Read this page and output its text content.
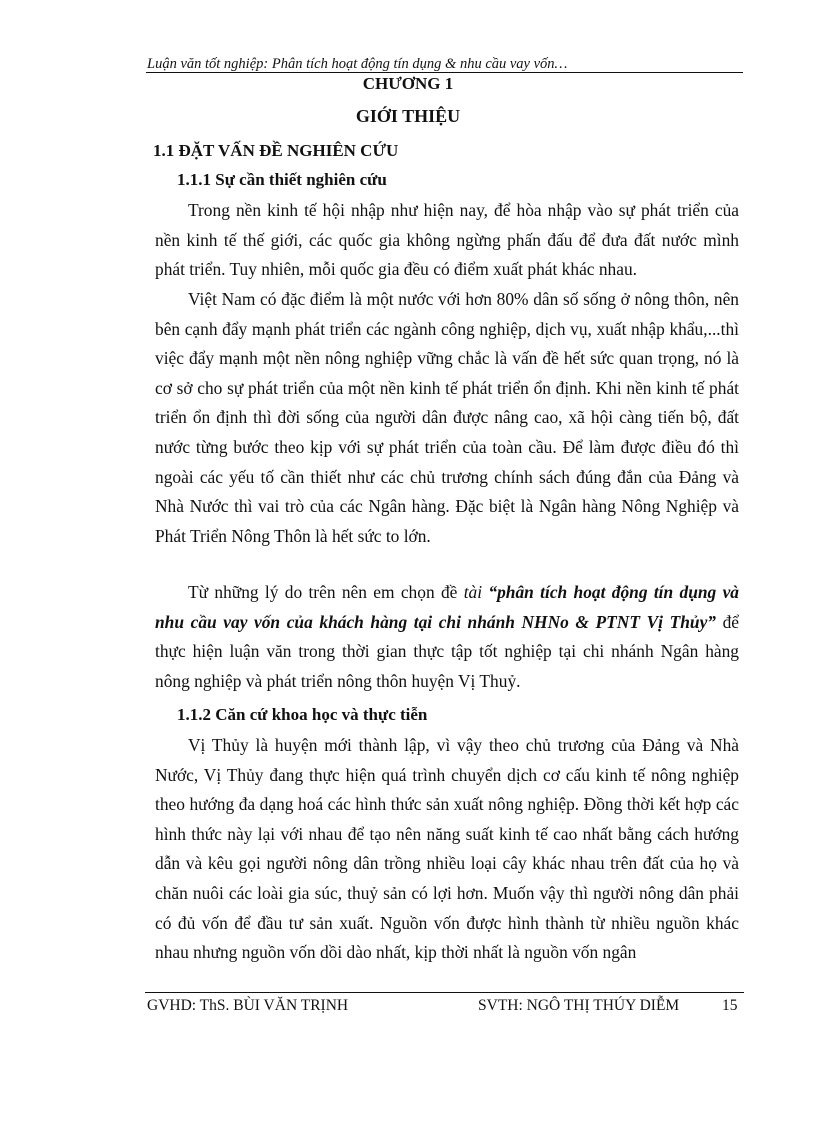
Luận văn tốt nghiệp: Phân tích hoạt động tín dụng & nhu cầu vay vốn…
CHƯƠNG 1
GIỚI THIỆU
1.1 ĐẶT VẤN ĐỀ NGHIÊN CỨU
1.1.1 Sự cần thiết nghiên cứu

Trong nền kinh tế hội nhập như hiện nay, để hòa nhập vào sự phát triển của nền kinh tế thế giới, các quốc gia không ngừng phấn đấu để đưa đất nước mình phát triển. Tuy nhiên, mỗi quốc gia đều có điểm xuất phát khác nhau.

Việt Nam có đặc điểm là một nước với hơn 80% dân số sống ở nông thôn, nên bên cạnh đẩy mạnh phát triển các ngành công nghiệp, dịch vụ, xuất nhập khẩu,...thì việc đẩy mạnh một nền nông nghiệp vững chắc là vấn đề hết sức quan trọng, nó là cơ sở cho sự phát triển của một nền kinh tế phát triển ổn định. Khi nền kinh tế phát triển ổn định thì đời sống của người dân được nâng cao, xã hội càng tiến bộ, đất nước từng bước theo kịp với sự phát triển của toàn cầu. Để làm được điều đó thì ngoài các yếu tố cần thiết như các chủ trương chính sách đúng đắn của Đảng và Nhà Nước thì vai trò của các Ngân hàng. Đặc biệt là Ngân hàng Nông Nghiệp và Phát Triển Nông Thôn là hết sức to lớn.

Từ những lý do trên nên em chọn đề tài “phân tích hoạt động tín dụng và nhu cầu vay vốn của khách hàng tại chi nhánh NHNo & PTNT Vị Thủy” để thực hiện luận văn trong thời gian thực tập tốt nghiệp tại chi nhánh Ngân hàng nông nghiệp và phát triển nông thôn huyện Vị Thuỷ.

1.1.2 Căn cứ khoa học và thực tiễn

Vị Thủy là huyện mới thành lập, vì vậy theo chủ trương của Đảng và Nhà Nước, Vị Thủy đang thực hiện quá trình chuyển dịch cơ cấu kinh tế nông nghiệp theo hướng đa dạng hoá các hình thức sản xuất nông nghiệp. Đồng thời kết hợp các hình thức này lại với nhau để tạo nên năng suất kinh tế cao nhất bằng cách hướng dẫn và kêu gọi người nông dân trồng nhiều loại cây khác nhau trên đất của họ và chăn nuôi các loài gia súc, thuỷ sản có lợi hơn. Muốn vậy thì người nông dân phải có đủ vốn để đầu tư sản xuất. Nguồn vốn được hình thành từ nhiều nguồn khác nhau nhưng nguồn vốn dồi dào nhất, kịp thời nhất là nguồn vốn ngân

GVHD: ThS. BÙI VĂN TRỊNH	SVTH: NGÔ THỊ THÚY DIỄM	15
